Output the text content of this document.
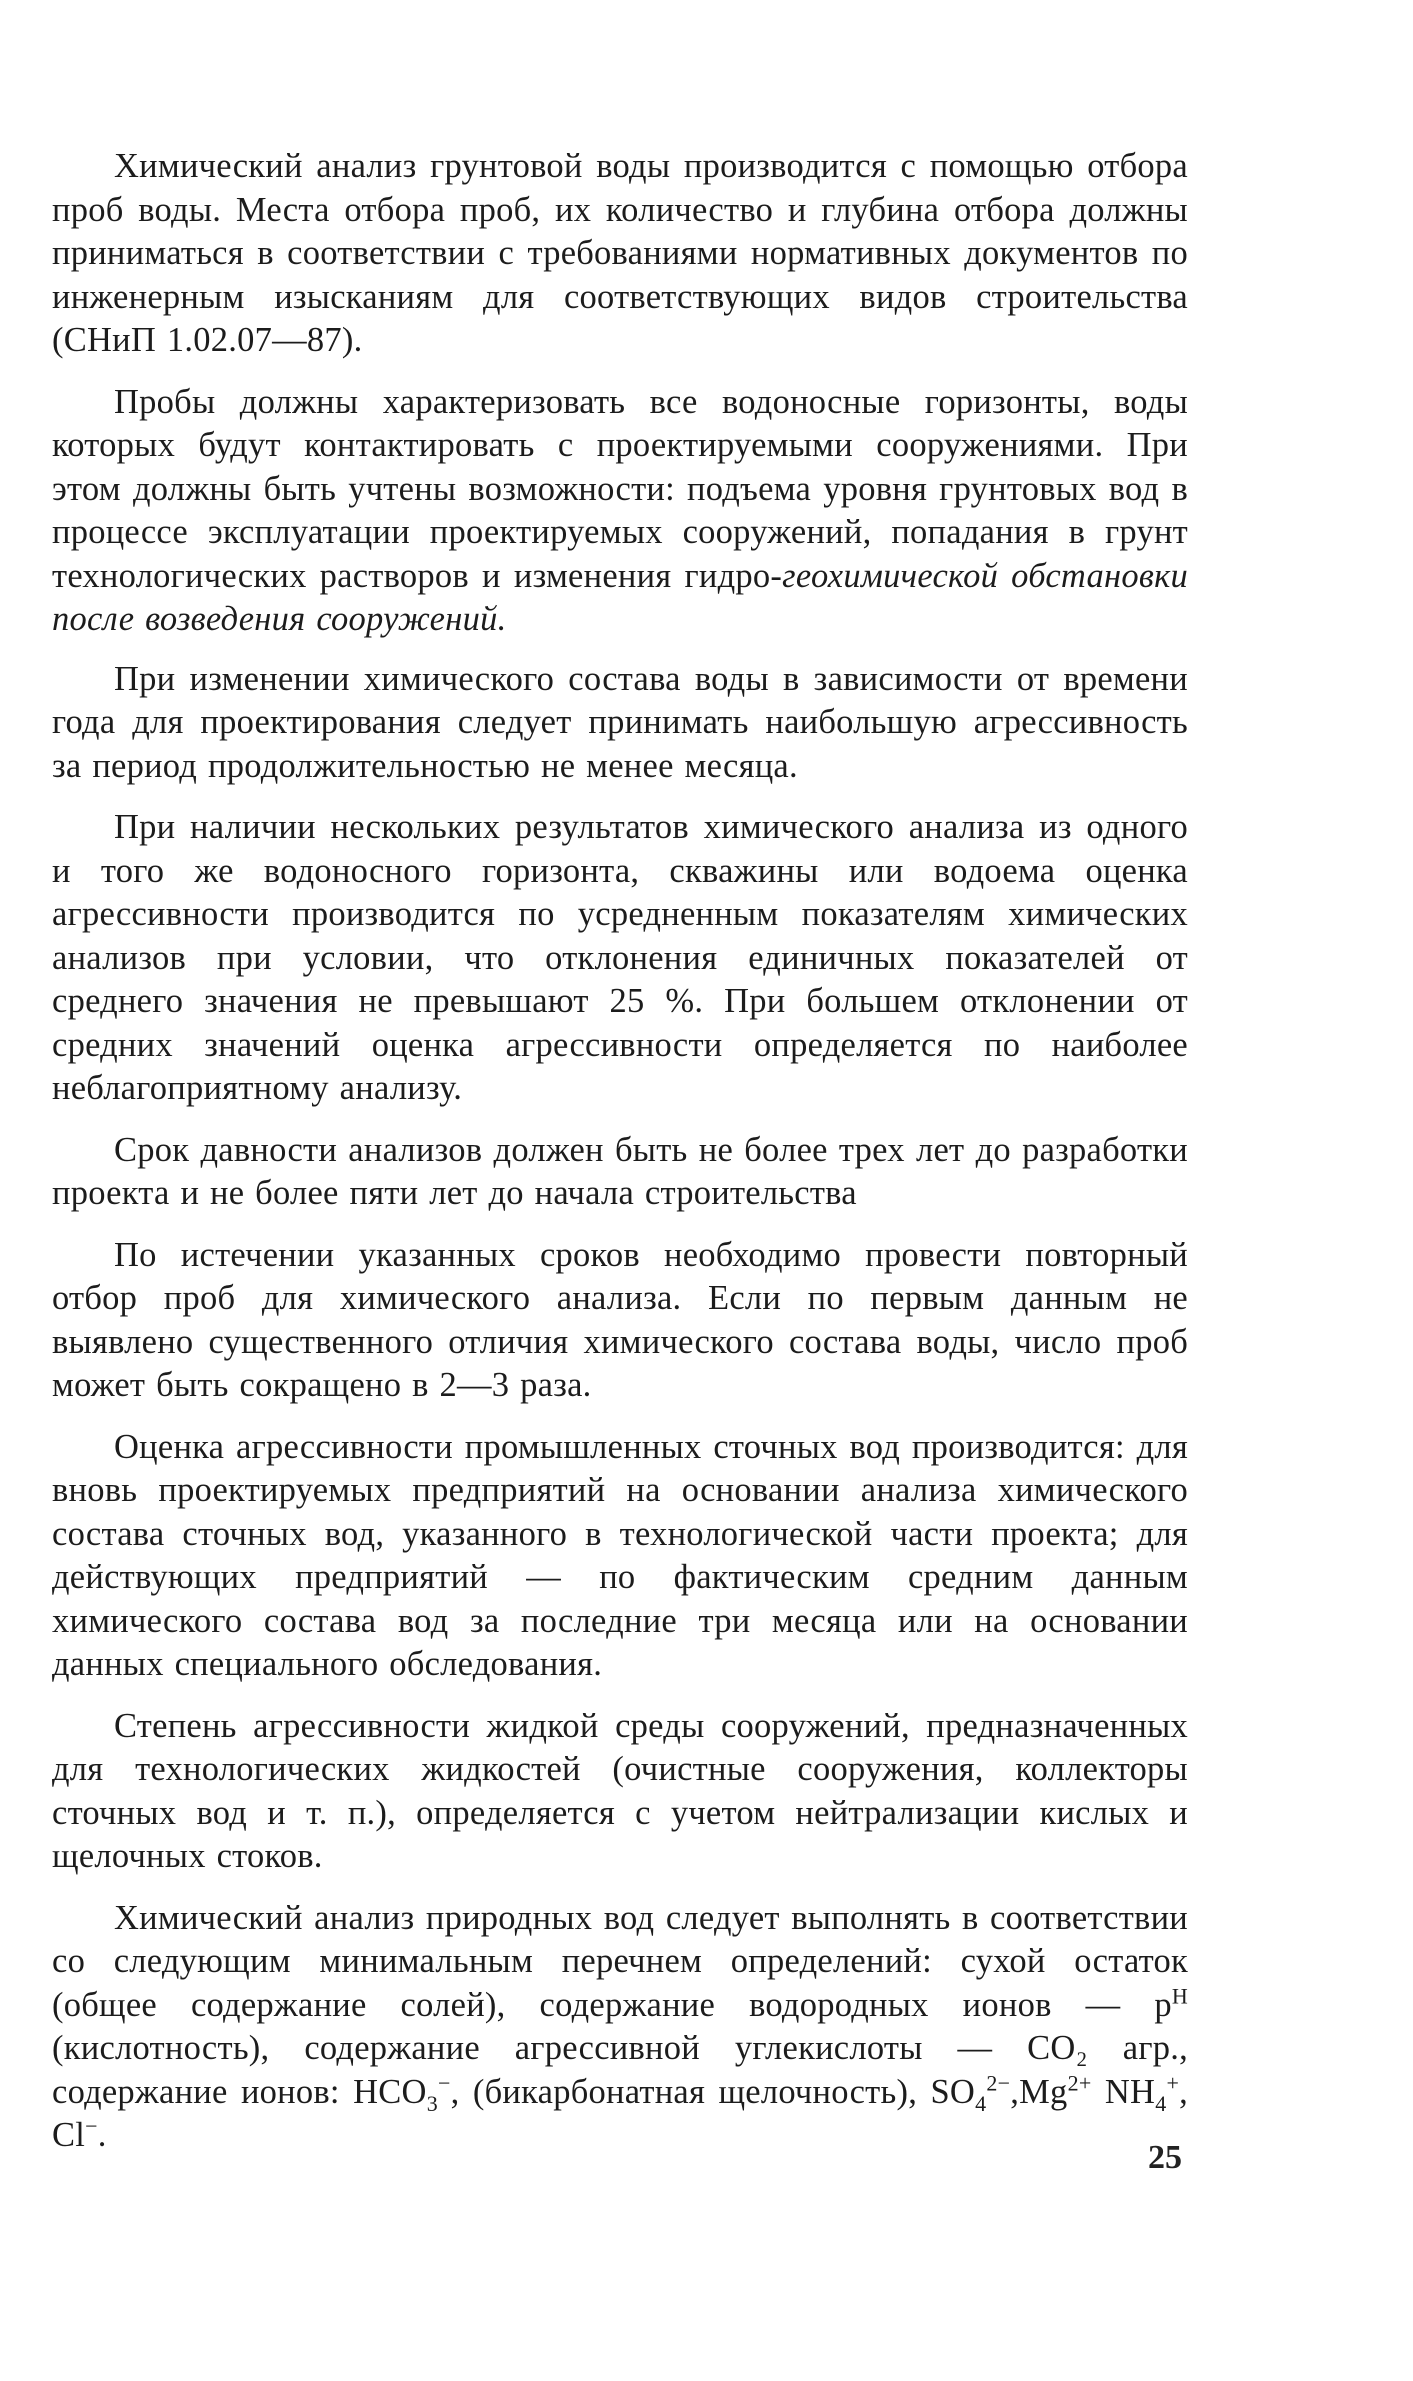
Химический анализ грунтовой воды производится с помощью отбора проб воды. Места отбора проб, их количество и глубина отбора должны приниматься в соответствии с требованиями нормативных документов по инженерным изысканиям для соответствующих видов строительства (СНиП 1.02.07—87).

Пробы должны характеризовать все водоносные горизонты, воды которых будут контактировать с проектируемыми сооружениями. При этом должны быть учтены возможности: подъема уровня грунтовых вод в процессе эксплуатации проектируемых сооружений, попадания в грунт технологических растворов и изменения гидро-геохимической обстановки после возведения сооружений.

При изменении химического состава воды в зависимости от времени года для проектирования следует принимать наибольшую агрессивность за период продолжительностью не менее месяца.

При наличии нескольких результатов химического анализа из одного и того же водоносного горизонта, скважины или водоема оценка агрессивности производится по усредненным показателям химических анализов при условии, что отклонения единичных показателей от среднего значения не превышают 25 %. При большем отклонении от средних значений оценка агрессивности определяется по наиболее неблагоприятному анализу.

Срок давности анализов должен быть не более трех лет до разработки проекта и не более пяти лет до начала строительства

По истечении указанных сроков необходимо провести повторный отбор проб для химического анализа. Если по первым данным не выявлено существенного отличия химического состава воды, число проб может быть сокращено в 2—3 раза.

Оценка агрессивности промышленных сточных вод производится: для вновь проектируемых предприятий на основании анализа химического состава сточных вод, указанного в технологической части проекта; для действующих предприятий — по фактическим средним данным химического состава вод за последние три месяца или на основании данных специального обследования.

Степень агрессивности жидкой среды сооружений, предназначенных для технологических жидкостей (очистные сооружения, коллекторы сточных вод и т. п.), определяется с учетом нейтрализации кислых и щелочных стоков.

Химический анализ природных вод следует выполнять в соответствии со следующим минимальным перечнем определений: сухой остаток (общее содержание солей), содержание водородных ионов — $р^Н$ (кислотность), содержание агрессивной углекислоты — СО₂ агр., содержание ионов: $НСО_3^-$, (бикарбонатная щелочность), $SO_4^{2-},Mg^{2+}$ $NH_4^+$, Cl−.

25
